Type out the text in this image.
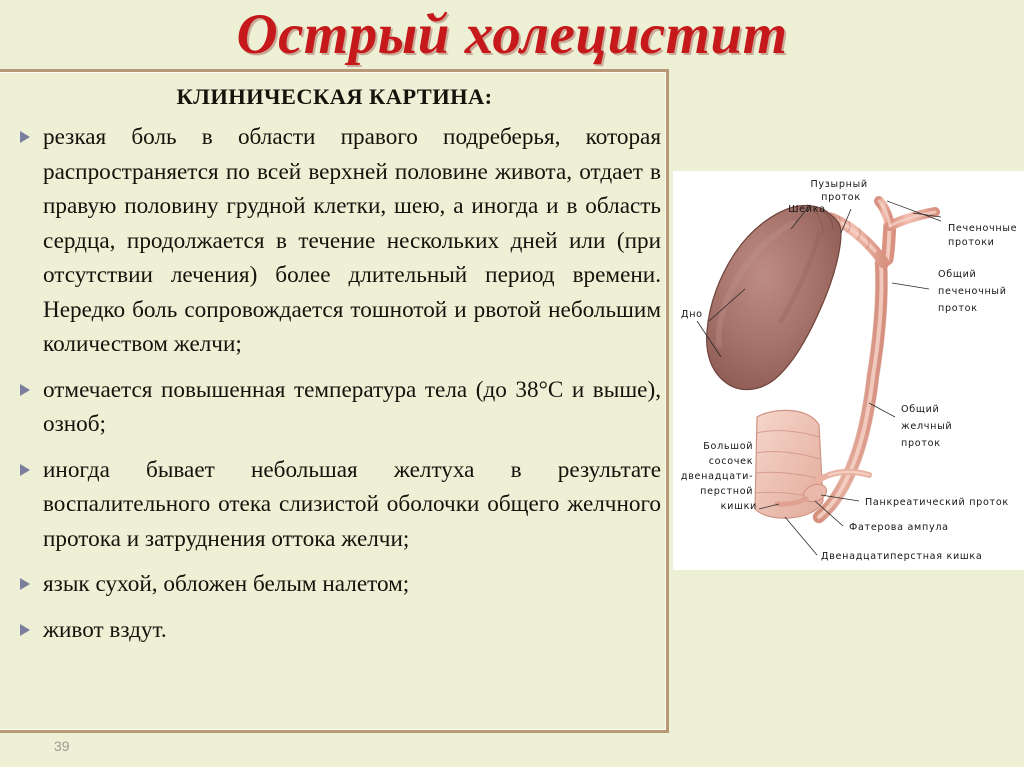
Острый холецистит
КЛИНИЧЕСКАЯ КАРТИНА:
резкая боль в области правого подреберья, которая распространяется по всей верхней половине живота, отдает в правую половину грудной клетки, шею, а иногда и в область сердца, продолжается в течение нескольких дней или (при отсутствии лечения) более длительный период времени. Нередко боль сопровождается тошнотой и рвотой небольшим количеством желчи;
отмечается повышенная температура тела (до 38°C и выше), озноб;
иногда бывает небольшая желтуха в результате воспалительного отека слизистой оболочки общего желчного протока и затруднения оттока желчи;
язык сухой, обложен белым налетом;
живот вздут.
39
Пузырный проток
Шейка
Печеночные протоки
Общий печеночный проток
Дно
Общий желчный проток
Большой сосочек двенадцати- перстной кишки	Панкреатический проток
Фатерова ампула
Двенадцатиперстная кишка
